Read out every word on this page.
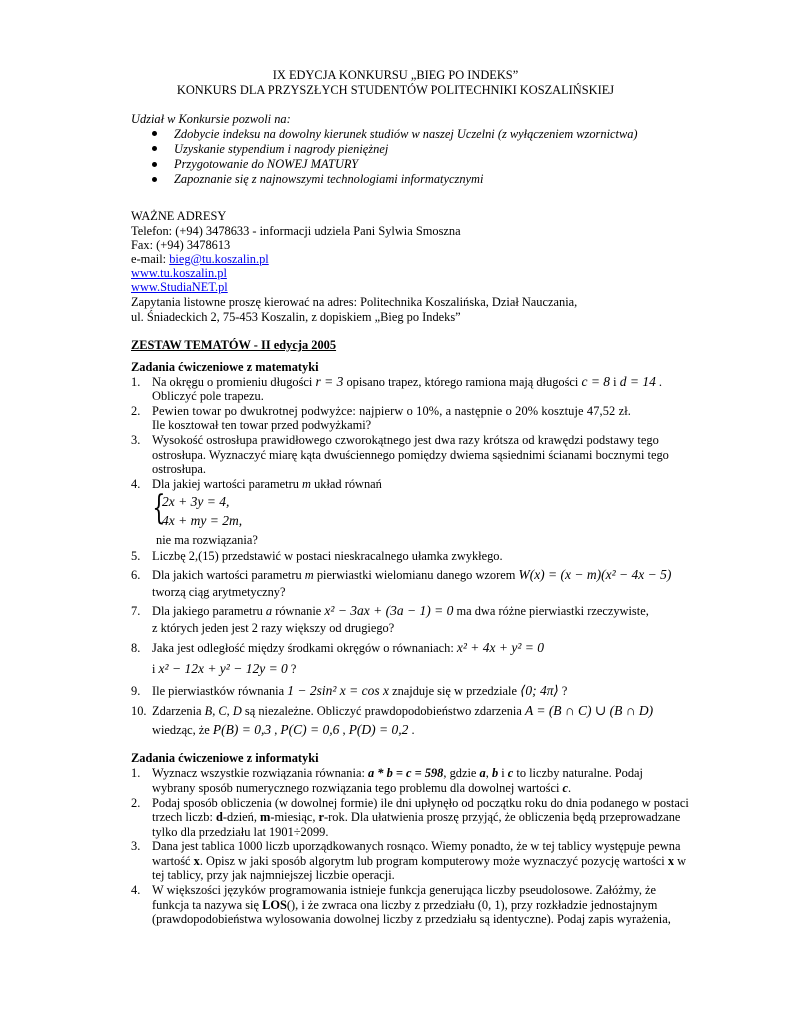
IX EDYCJA KONKURSU „BIEG PO INDEKS”
KONKURS DLA PRZYSZŁYCH STUDENTÓW POLITECHNIKI KOSZALIŃSKIEJ
Udział w Konkursie pozwoli na:
Zdobycie indeksu na dowolny kierunek studiów w naszej Uczelni (z wyłączeniem wzornictwa)
Uzyskanie stypendium i nagrody pieniężnej
Przygotowanie do NOWEJ MATURY
Zapoznanie się z najnowszymi technologiami informatycznymi
WAŻNE ADRESY
Telefon: (+94) 3478633 - informacji udziela Pani Sylwia Smoszna
Fax: (+94) 3478613
e-mail: bieg@tu.koszalin.pl
www.tu.koszalin.pl
www.StudiaNET.pl
Zapytania listowne proszę kierować na adres: Politechnika Koszalińska, Dział Nauczania,
ul. Śniadeckich 2, 75-453 Koszalin, z dopiskiem „Bieg po Indeks”
ZESTAW TEMATÓW - II edycja 2005
Zadania ćwiczeniowe z matematyki
1. Na okręgu o promieniu długości r = 3 opisano trapez, którego ramiona mają długości c = 8 i d = 14 .
Obliczyć pole trapezu.
2. Pewien towar po dwukrotnej podwyżce: najpierw o 10%, a następnie o 20% kosztuje 47,52 zł.
Ile kosztował ten towar przed podwyżkami?
3. Wysokość ostrosłupa prawidłowego czworokątnego jest dwa razy krótsza od krawędzi podstawy tego
ostrosłupa. Wyznaczyć miarę kąta dwuściennego pomiędzy dwiema sąsiednimi ścianami bocznymi tego
ostrosłupa.
4. Dla jakiej wartości parametru m układ równań
{
2x + 3y = 4,
4x + my = 2m,
nie ma rozwiązania?
5. Liczbę 2,(15) przedstawić w postaci nieskracalnego ułamka zwykłego.
6. Dla jakich wartości parametru m pierwiastki wielomianu danego wzorem W(x) = (x − m)(x² − 4x − 5)
tworzą ciąg arytmetyczny?
7. Dla jakiego parametru a równanie x² − 3ax + (3a − 1) = 0 ma dwa różne pierwiastki rzeczywiste,
z których jeden jest 2 razy większy od drugiego?
8. Jaka jest odległość między środkami okręgów o równaniach: x² + 4x + y² = 0
i x² − 12x + y² − 12y = 0 ?
9. Ile pierwiastków równania 1 − 2sin² x = cos x znajduje się w przedziale ⟨0; 4π⟩ ?
10. Zdarzenia B, C, D są niezależne. Obliczyć prawdopodobieństwo zdarzenia A = (B ∩ C) ∪ (B ∩ D)
wiedząc, że P(B) = 0,3 , P(C) = 0,6 , P(D) = 0,2 .
Zadania ćwiczeniowe z informatyki
1. Wyznacz wszystkie rozwiązania równania: a * b = c = 598, gdzie a, b i c to liczby naturalne. Podaj
wybrany sposób numerycznego rozwiązania tego problemu dla dowolnej wartości c.
2. Podaj sposób obliczenia (w dowolnej formie) ile dni upłynęło od początku roku do dnia podanego w postaci
trzech liczb: d-dzień, m-miesiąc, r-rok. Dla ułatwienia proszę przyjąć, że obliczenia będą przeprowadzane
tylko dla przedziału lat 1901÷2099.
3. Dana jest tablica 1000 liczb uporządkowanych rosnąco. Wiemy ponadto, że w tej tablicy występuje pewna
wartość x. Opisz w jaki sposób algorytm lub program komputerowy może wyznaczyć pozycję wartości x w
tej tablicy, przy jak najmniejszej liczbie operacji.
4. W większości języków programowania istnieje funkcja generująca liczby pseudolosowe. Załóżmy, że
funkcja ta nazywa się LOS(), i że zwraca ona liczby z przedziału (0, 1), przy rozkładzie jednostajnym
(prawdopodobieństwa wylosowania dowolnej liczby z przedziału są identyczne). Podaj zapis wyrażenia,
